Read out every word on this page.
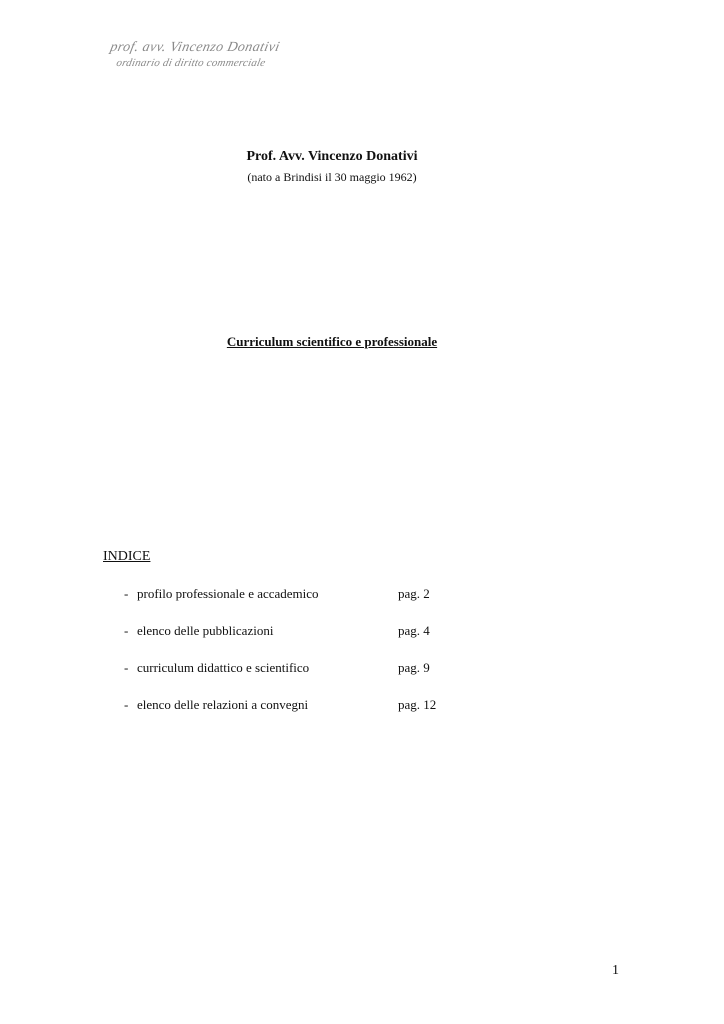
prof. avv. Vincenzo Donativi
ordinario di diritto commerciale
Prof. Avv. Vincenzo Donativi
(nato a Brindisi il 30 maggio 1962)
Curriculum scientifico e professionale
INDICE
- profilo professionale e accademico	pag. 2
- elenco delle pubblicazioni	pag. 4
- curriculum didattico e scientifico	pag. 9
- elenco delle relazioni a convegni	pag. 12
1
